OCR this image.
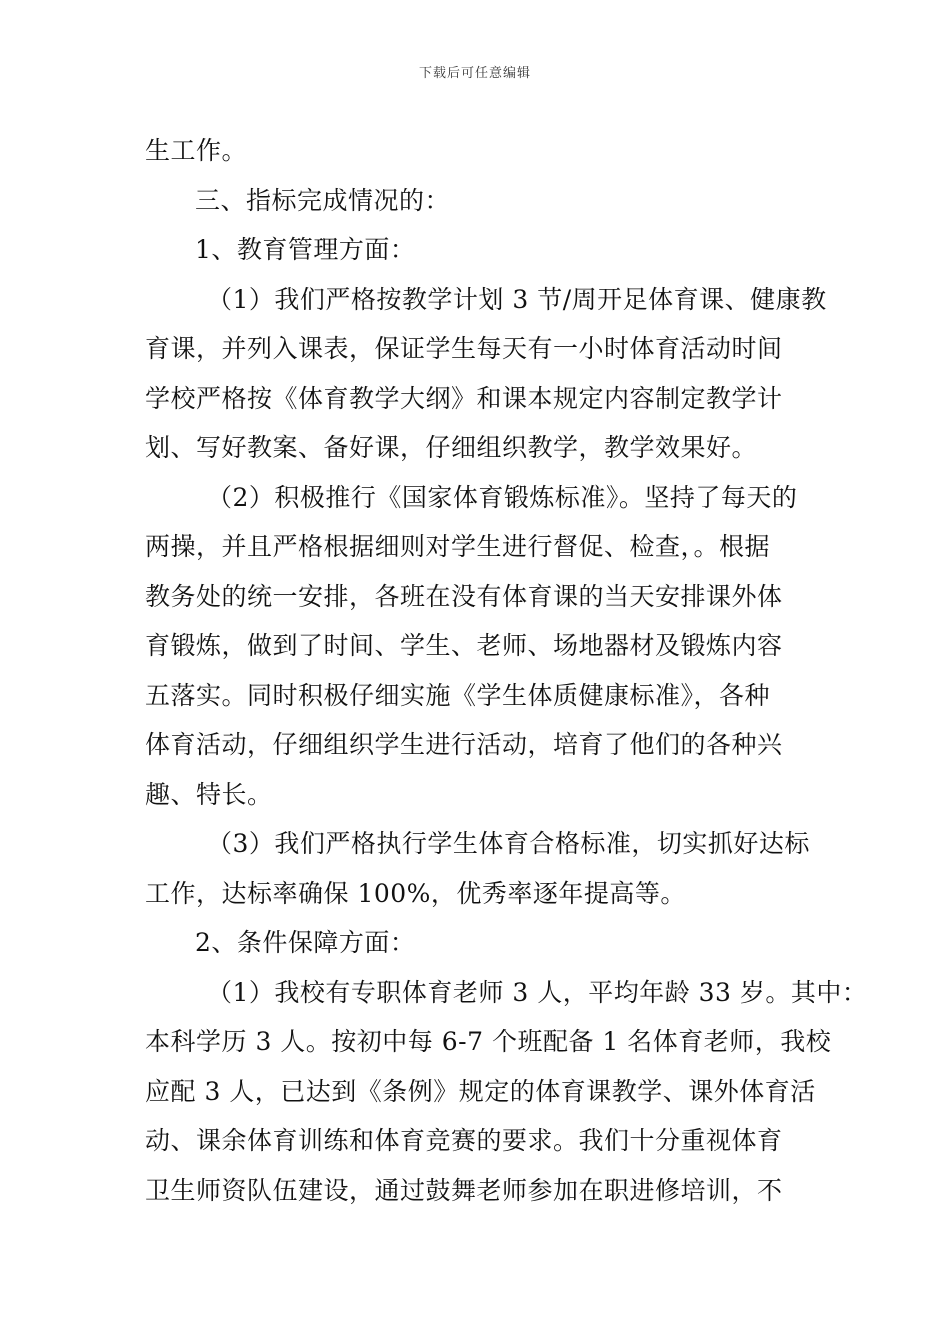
下载后可任意编辑
生工作。
三、指标完成情况的：
1、教育管理方面：
（1）我们严格按教学计划 3 节/周开足体育课、健康教
育课，并列入课表，保证学生每天有一小时体育活动时间
学校严格按《体育教学大纲》和课本规定内容制定教学计
划、写好教案、备好课，仔细组织教学，教学效果好。
（2）积极推行《国家体育锻炼标准》。坚持了每天的
两操，并且严格根据细则对学生进行督促、检查，。根据
教务处的统一安排，各班在没有体育课的当天安排课外体
育锻炼，做到了时间、学生、老师、场地器材及锻炼内容
五落实。同时积极仔细实施《学生体质健康标准》，各种
体育活动，仔细组织学生进行活动，培育了他们的各种兴
趣、特长。
（3）我们严格执行学生体育合格标准，切实抓好达标
工作，达标率确保 100%，优秀率逐年提高等。
2、条件保障方面：
（1）我校有专职体育老师 3 人，平均年龄 33 岁。其中：
本科学历 3 人。按初中每 6-7 个班配备 1 名体育老师，我校
应配 3 人，已达到《条例》规定的体育课教学、课外体育活
动、课余体育训练和体育竞赛的要求。我们十分重视体育
卫生师资队伍建设，通过鼓舞老师参加在职进修培训，不
